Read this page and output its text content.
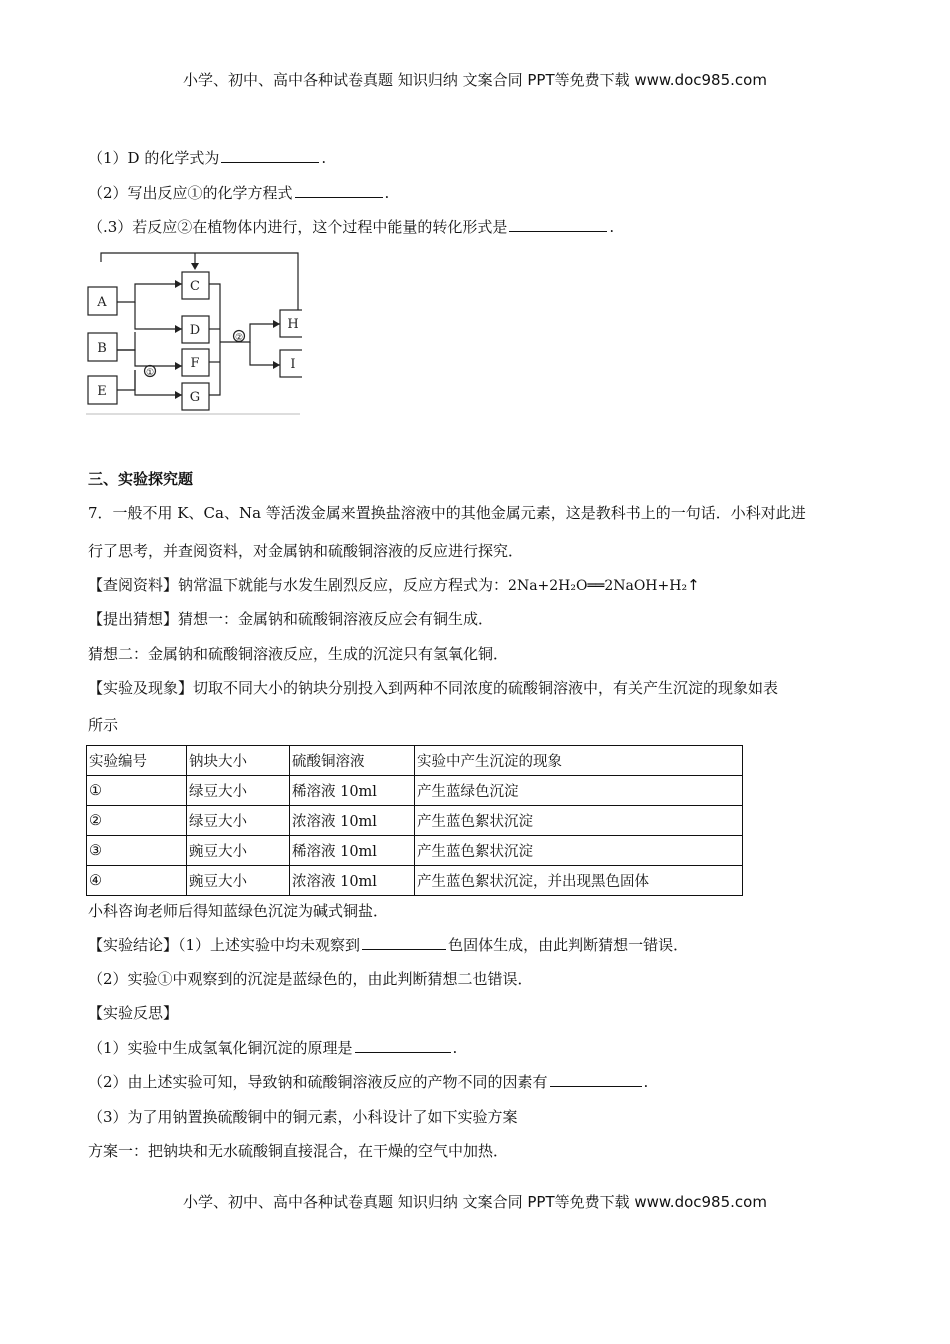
小学、初中、高中各种试卷真题 知识归纳 文案合同 PPT等免费下载 www.doc985.com
（1）D 的化学式为	.
（2）写出反应①的化学方程式	.
（.3）若反应②在植物体内进行，这个过程中能量的转化形式是	.
A
B
E
C
D
F
G
H
I
①
②
三、实验探究题
7．一般不用 K、Ca、Na 等活泼金属来置换盐溶液中的其他金属元素，这是教科书上的一句话．小科对此进
行了思考，并查阅资料，对金属钠和硫酸铜溶液的反应进行探究．
【查阅资料】钠常温下就能与水发生剧烈反应，反应方程式为：2Na+2H₂O══2NaOH+H₂↑
【提出猜想】猜想一：金属钠和硫酸铜溶液反应会有铜生成．
猜想二：金属钠和硫酸铜溶液反应，生成的沉淀只有氢氧化铜．
【实验及现象】切取不同大小的钠块分别投入到两种不同浓度的硫酸铜溶液中，有关产生沉淀的现象如表
所示
实验编号	钠块大小	硫酸铜溶液	实验中产生沉淀的现象
①	绿豆大小	稀溶液 10ml	产生蓝绿色沉淀
②	绿豆大小	浓溶液 10ml	产生蓝色絮状沉淀
③	豌豆大小	稀溶液 10ml	产生蓝色絮状沉淀
④	豌豆大小	浓溶液 10ml	产生蓝色絮状沉淀，并出现黑色固体
小科咨询老师后得知蓝绿色沉淀为碱式铜盐．
【实验结论】（1）上述实验中均未观察到	色固体生成，由此判断猜想一错误．
（2）实验①中观察到的沉淀是蓝绿色的，由此判断猜想二也错误．
【实验反思】
（1）实验中生成氢氧化铜沉淀的原理是	.
（2）由上述实验可知，导致钠和硫酸铜溶液反应的产物不同的因素有	.
（3）为了用钠置换硫酸铜中的铜元素，小科设计了如下实验方案
方案一：把钠块和无水硫酸铜直接混合，在干燥的空气中加热．
小学、初中、高中各种试卷真题 知识归纳 文案合同 PPT等免费下载 www.doc985.com
